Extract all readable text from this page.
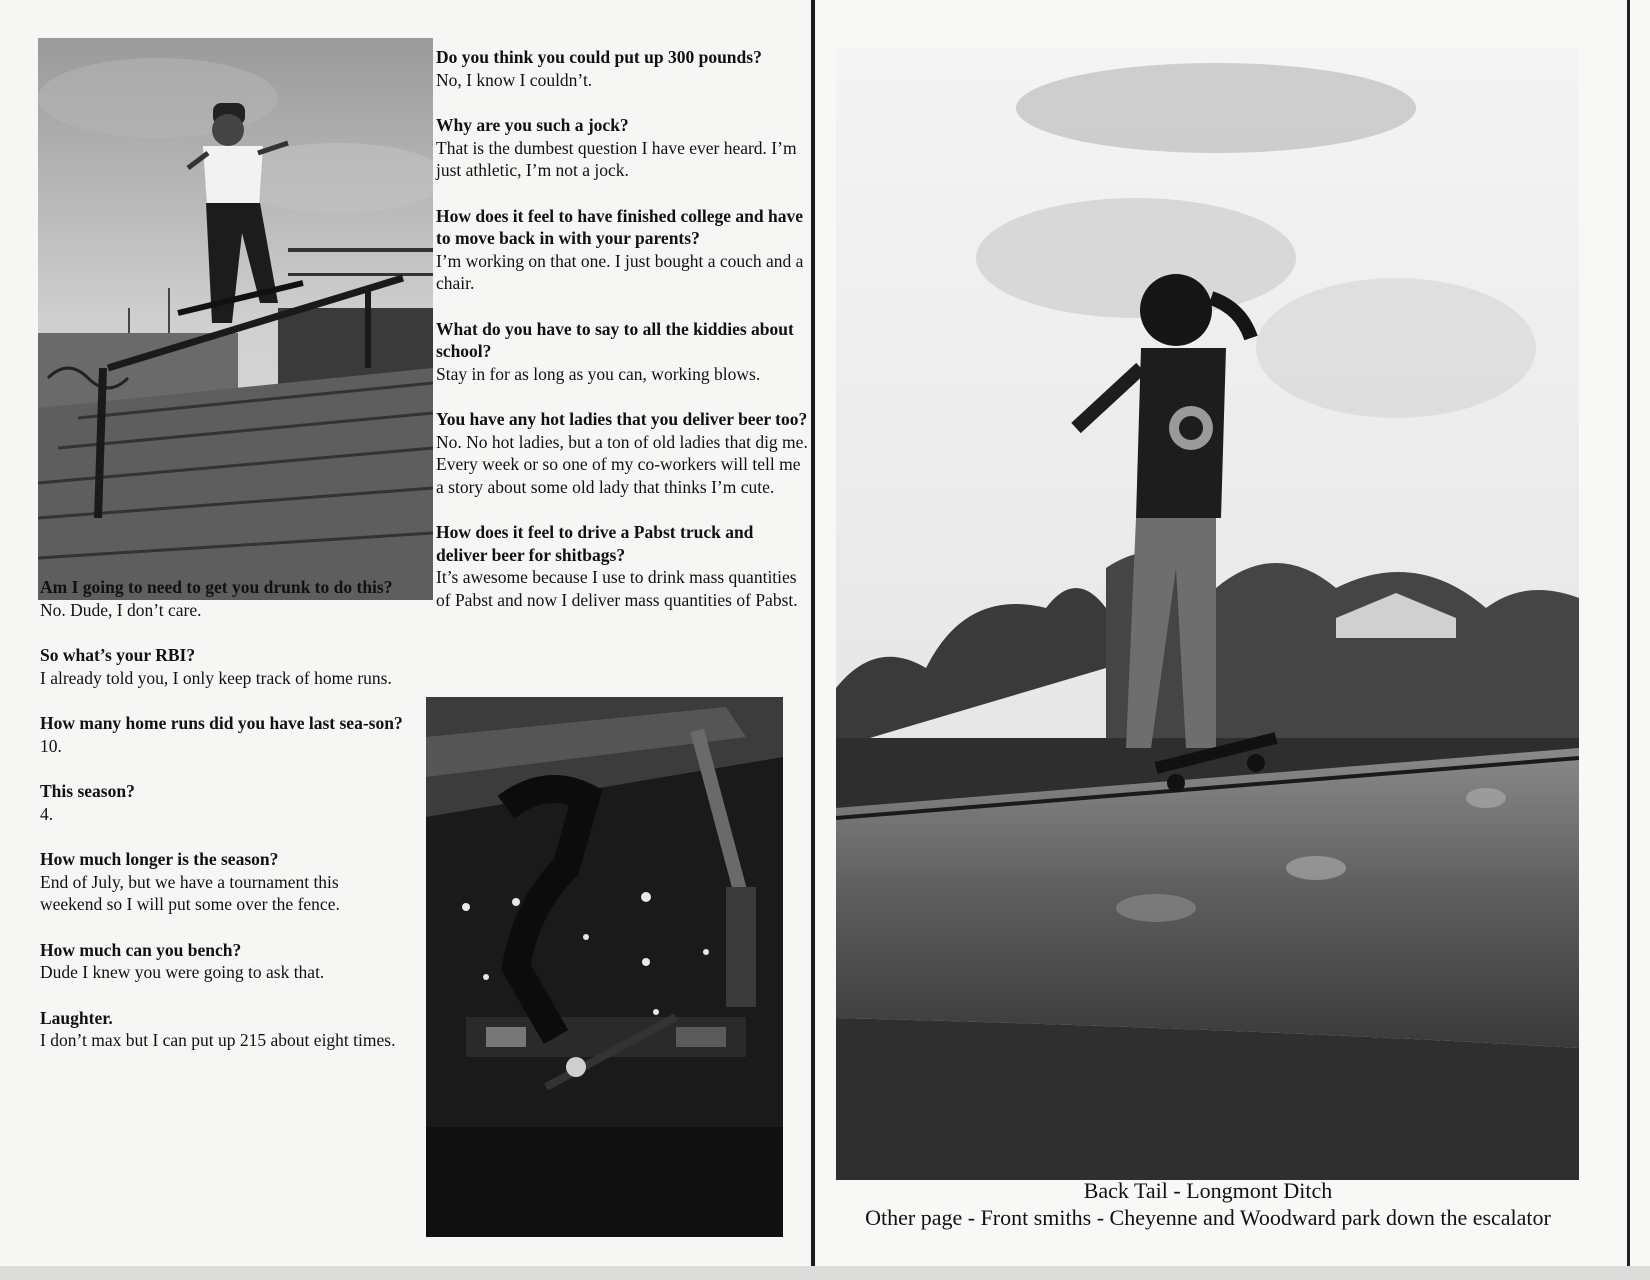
Am I going to need to get you drunk to do this?
No. Dude, I don’t care.
So what’s your RBI?
I already told you, I only keep track of home runs.
How many home runs did you have last sea-son?
10.
This season?
4.
How much longer is the season?
End of July, but we have a tournament this weekend so I will put some over the fence.
How much can you bench?
Dude I knew you were going to ask that.
Laughter.
I don’t max but I can put up 215 about eight times.
Do you think you could put up 300 pounds?
No, I know I couldn’t.
Why are you such a jock?
That is the dumbest question I have ever heard. I’m just athletic, I’m not a jock.
How does it feel to have finished college and have to move back in with your parents?
I’m working on that one. I just bought a couch and a chair.
What do you have to say to all the kiddies about school?
Stay in for as long as you can, working blows.
You have any hot ladies that you deliver beer too?
No. No hot ladies, but a ton of old ladies that dig me. Every week or so one of my co-workers will tell me a story about some old lady that thinks I’m cute.
How does it feel to drive a Pabst truck and deliver beer for shitbags?
It’s awesome because I use to drink mass quantities of Pabst and now I deliver mass quantities of Pabst.
Back Tail - Longmont Ditch
Other page - Front smiths - Cheyenne and Woodward park down the escalator
